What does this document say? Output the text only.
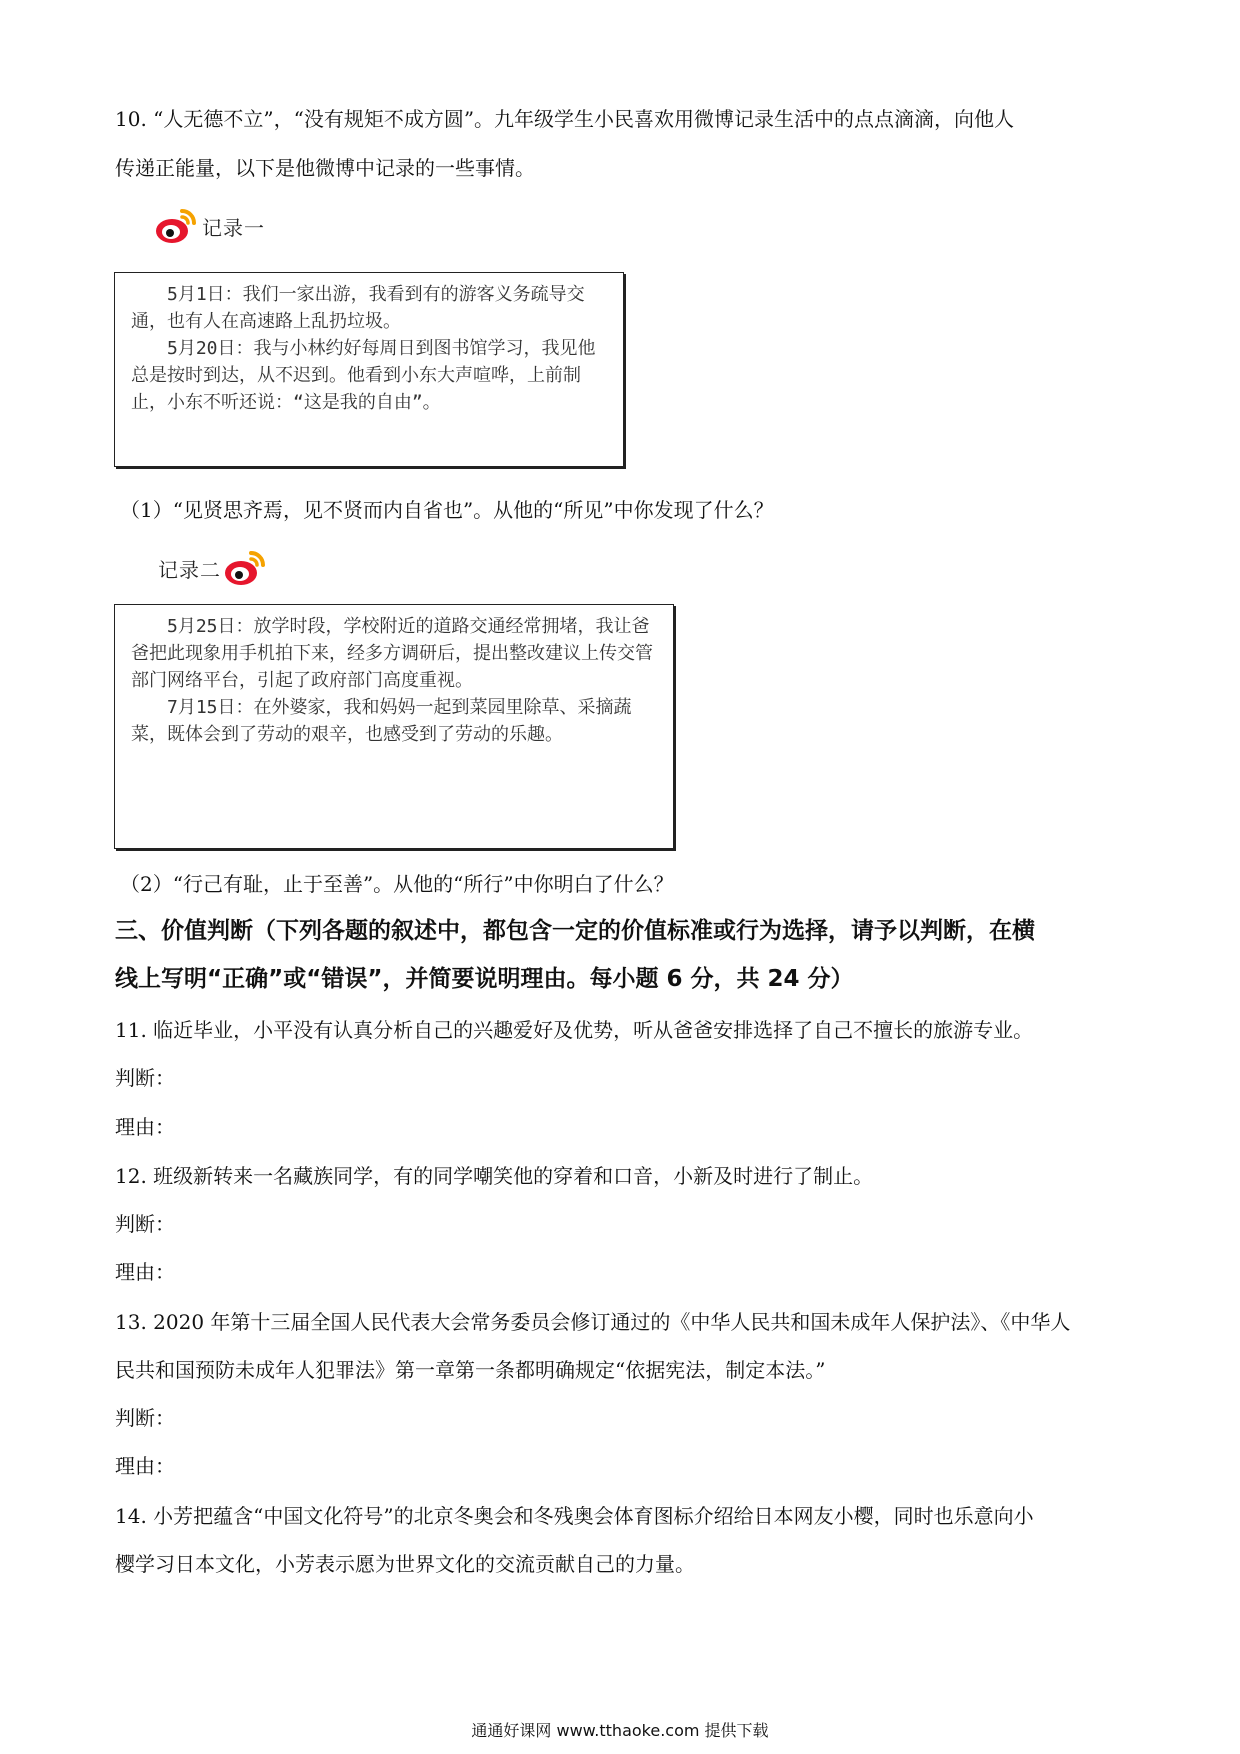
10. “人无德不立”，“没有规矩不成方圆”。九年级学生小民喜欢用微博记录生活中的点点滴滴，向他人
传递正能量，以下是他微博中记录的一些事情。
记录一

5月1日：我们一家出游，我看到有的游客义务疏导交通，也有人在高速路上乱扔垃圾。

5月20日：我与小林约好每周日到图书馆学习，我见他总是按时到达，从不迟到。他看到小东大声喧哗，上前制止，小东不听还说：“这是我的自由”。

（1）“见贤思齐焉，见不贤而内自省也”。从他的“所见”中你发现了什么？
记录二

5月25日：放学时段，学校附近的道路交通经常拥堵，我让爸爸把此现象用手机拍下来，经多方调研后，提出整改建议上传交管部门网络平台，引起了政府部门高度重视。

7月15日：在外婆家，我和妈妈一起到菜园里除草、采摘蔬菜，既体会到了劳动的艰辛，也感受到了劳动的乐趣。

（2）“行己有耻，止于至善”。从他的“所行”中你明白了什么？
三、价值判断（下列各题的叙述中，都包含一定的价值标准或行为选择，请予以判断，在横
线上写明“正确”或“错误”，并简要说明理由。每小题 6 分，共 24 分）
11. 临近毕业，小平没有认真分析自己的兴趣爱好及优势，听从爸爸安排选择了自己不擅长的旅游专业。
判断：
理由：
12. 班级新转来一名藏族同学，有的同学嘲笑他的穿着和口音，小新及时进行了制止。
判断：
理由：
13. 2020 年第十三届全国人民代表大会常务委员会修订通过的《中华人民共和国未成年人保护法》、《中华人
民共和国预防未成年人犯罪法》第一章第一条都明确规定“依据宪法，制定本法。”
判断：
理由：
14. 小芳把蕴含“中国文化符号”的北京冬奥会和冬残奥会体育图标介绍给日本网友小樱，同时也乐意向小
樱学习日本文化，小芳表示愿为世界文化的交流贡献自己的力量。
通通好课网 www.tthaoke.com 提供下载
